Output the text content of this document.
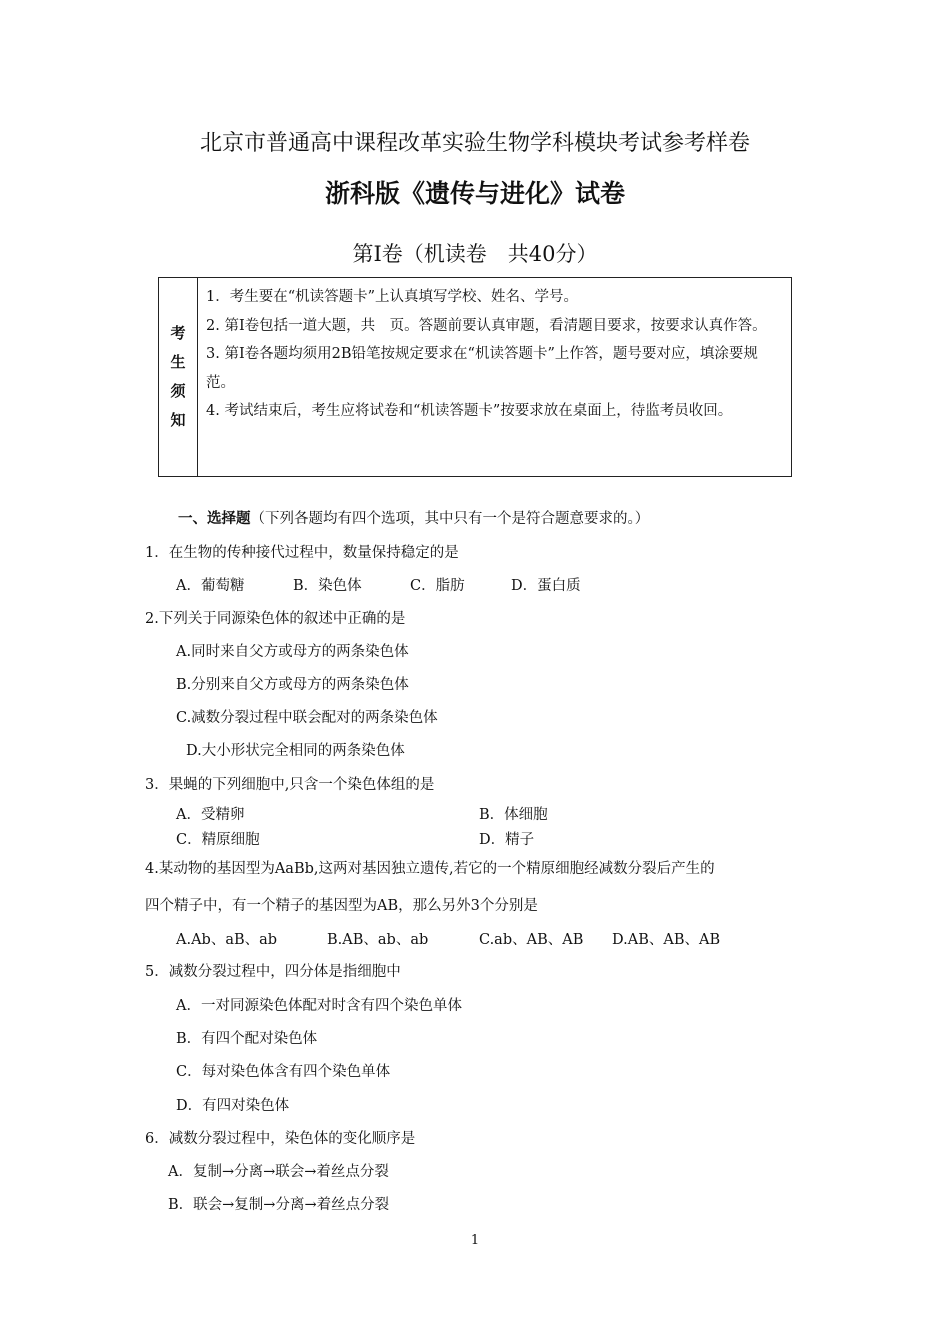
北京市普通高中课程改革实验生物学科模块考试参考样卷
浙科版《遗传与进化》试卷
第I卷（机读卷　共40分）
考
生
须
知

1．考生要在“机读答题卡”上认真填写学校、姓名、学号。

2. 第I卷包括一道大题，共　页。答题前要认真审题，看清题目要求，按要求认真作答。

3. 第I卷各题均须用2B铅笔按规定要求在“机读答题卡”上作答，题号要对应，填涂要规范。

4. 考试结束后，考生应将试卷和“机读答题卡”按要求放在桌面上，待监考员收回。

一、选择题（下列各题均有四个选项，其中只有一个是符合题意要求的。）
1．在生物的传种接代过程中，数量保持稳定的是
A．葡萄糖	B．染色体	C．脂肪	D．蛋白质
2.下列关于同源染色体的叙述中正确的是
A.同时来自父方或母方的两条染色体
B.分别来自父方或母方的两条染色体
C.减数分裂过程中联会配对的两条染色体
D.大小形状完全相同的两条染色体
3．果蝇的下列细胞中,只含一个染色体组的是
A．受精卵	B．体细胞
C．精原细胞	D．精子
4.某动物的基因型为AaBb,这两对基因独立遗传,若它的一个精原细胞经减数分裂后产生的
四个精子中，有一个精子的基因型为AB，那么另外3个分别是
A.Ab、aB、ab	B.AB、ab、ab	C.ab、AB、AB D.AB、AB、AB
5．减数分裂过程中，四分体是指细胞中
A．一对同源染色体配对时含有四个染色单体
B．有四个配对染色体
C．每对染色体含有四个染色单体
D．有四对染色体
6．减数分裂过程中，染色体的变化顺序是
A．复制→分离→联会→着丝点分裂
B．联会→复制→分离→着丝点分裂
1
